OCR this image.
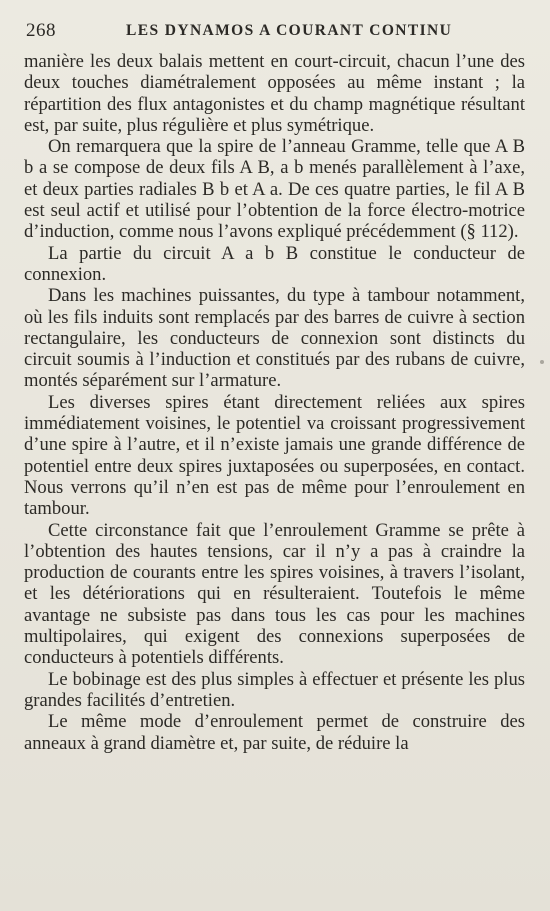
268	LES DYNAMOS A COURANT CONTINU

manière les deux balais mettent en court-circuit, chacun l’une des deux touches diamétralement opposées au même instant ; la répartition des flux antagonistes et du champ magnétique résultant est, par suite, plus régulière et plus symétrique.

On remarquera que la spire de l’anneau Gramme, telle que A B b a se compose de deux fils A B, a b menés parallèlement à l’axe, et deux parties radiales B b et A a. De ces quatre parties, le fil A B est seul actif et utilisé pour l’obtention de la force électro-motrice d’induction, comme nous l’avons expliqué précédemment (§ 112).

La partie du circuit A a b B constitue le conducteur de connexion.

Dans les machines puissantes, du type à tambour notamment, où les fils induits sont remplacés par des barres de cuivre à section rectangulaire, les conducteurs de connexion sont distincts du circuit soumis à l’induction et constitués par des rubans de cuivre, montés séparément sur l’armature.

Les diverses spires étant directement reliées aux spires immédiatement voisines, le potentiel va croissant progressivement d’une spire à l’autre, et il n’existe jamais une grande différence de potentiel entre deux spires juxtaposées ou superposées, en contact. Nous verrons qu’il n’en est pas de même pour l’enroulement en tambour.

Cette circonstance fait que l’enroulement Gramme se prête à l’obtention des hautes tensions, car il n’y a pas à craindre la production de courants entre les spires voisines, à travers l’isolant, et les détériorations qui en résulteraient. Toutefois le même avantage ne subsiste pas dans tous les cas pour les machines multipolaires, qui exigent des connexions superposées de conducteurs à potentiels différents.

Le bobinage est des plus simples à effectuer et présente les plus grandes facilités d’entretien.

Le même mode d’enroulement permet de construire des anneaux à grand diamètre et, par suite, de réduire la
